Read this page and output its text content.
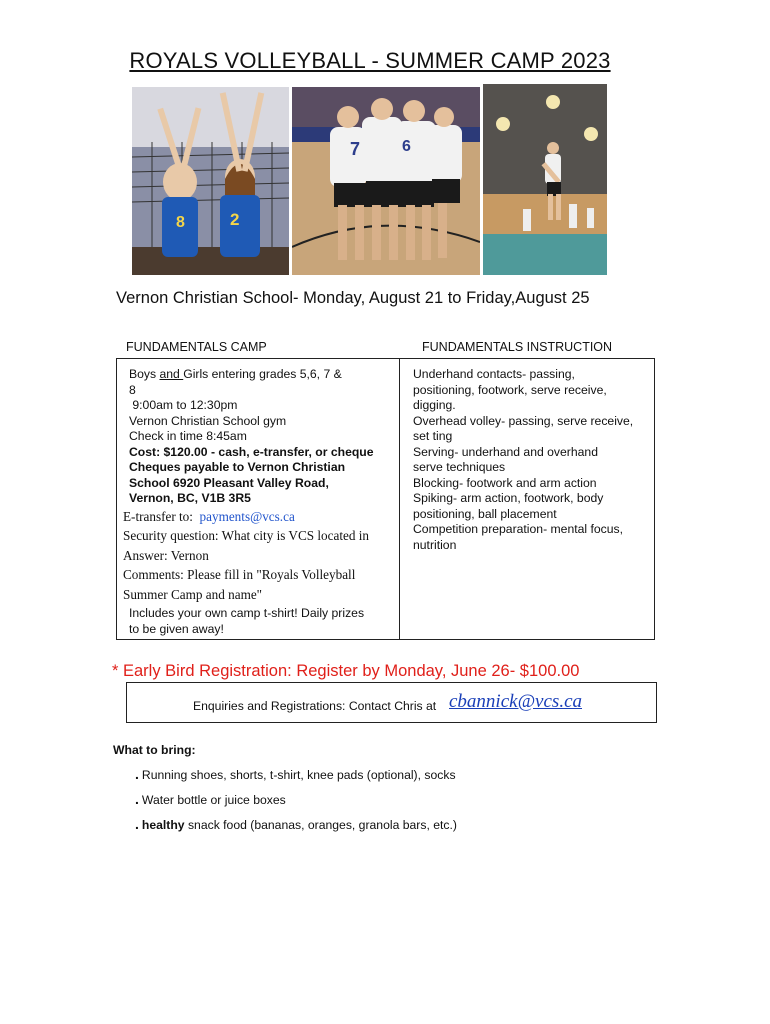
ROYALS VOLLEYBALL - SUMMER CAMP 2023
8	2
7	6
Vernon Christian School- Monday, August 21 to Friday,August 25
FUNDAMENTALS CAMP	FUNDAMENTALS INSTRUCTION
Boys and Girls entering grades 5,6, 7 &
8
9:00am to 12:30pm
Vernon Christian School gym
Check in time 8:45am
Cost: $120.00 - cash, e-transfer, or cheque
Cheques payable to Vernon Christian
School 6920 Pleasant Valley Road,
Vernon, BC, V1B 3R5
E-transfer to:  payments@vcs.ca
Security question: What city is VCS located in
Answer: Vernon
Comments: Please fill in "Royals Volleyball
Summer Camp and name"
Includes your own camp t-shirt! Daily prizes
to be given away!
Underhand contacts- passing,
positioning, footwork, serve receive,
digging.
Overhead volley- passing, serve receive,
set ting
Serving- underhand and overhand
serve techniques
Blocking- footwork and arm action
Spiking- arm action, footwork, body
positioning, ball placement
Competition preparation- mental focus,
nutrition
* Early Bird Registration: Register by Monday, June 26- $100.00
Enquiries and Registrations: Contact Chris at cbannick@vcs.ca
What to bring:
. Running shoes, shorts, t-shirt, knee pads (optional), socks
. Water bottle or juice boxes
. healthy snack food (bananas, oranges, granola bars, etc.)
